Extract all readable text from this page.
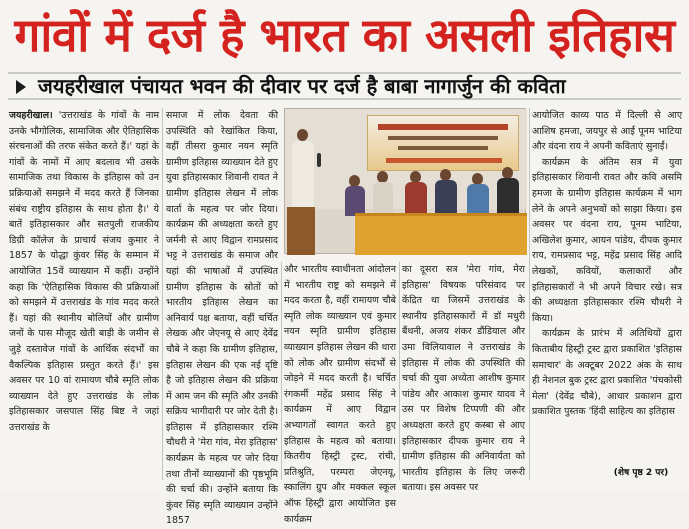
गांवों में दर्ज है भारत का असली इतिहास
जयहरीखाल पंचायत भवन की दीवार पर दर्ज है बाबा नागार्जुन की कविता

जयहरीखाल। 'उत्तराखंड के गांवों के नाम उनके भौगोलिक, सामाजिक और ऐतिहासिक संरचनाओं की तरफ संकेत करते हैं।' यहां के गांवों के नामों में आए बदलाव भी उसके सामाजिक तथा विकास के इतिहास को उन प्रक्रियाओं समझने में मदद करते हैं जिनका संबंध राष्ट्रीय इतिहास के साथ होता है।' ये बातें इतिहासकार और सतपुली राजकीय डिग्री कॉलेज के प्राचार्य संजय कुमार ने 1857 के योद्धा कुंवर सिंह के सम्मान में आयोजित 15वें व्याख्यान में कहीं। उन्होंने कहा कि 'ऐतिहासिक विकास की प्रक्रियाओं को समझने में उत्तराखंड के गांव मदद करते हैं। यहां की स्थानीय बोलियों और ग्रामीण जनों के पास मौजूद खेती बाड़ी के जमीन से जुड़े दस्तावेज गांवों के आर्थिक संदर्भों का वैकल्पिक इतिहास प्रस्तुत करते हैं।' इस अवसर पर 10 वां रामायण चौबे स्मृति लोक व्याख्यान देते हुए उत्तराखंड के लोक इतिहासकार जसपाल सिंह बिष्ट ने जहां उत्तराखंड के

समाज में लोक देवता की उपस्थिति को रेखांकित किया, वहीं तीसरा कुमार नयन स्मृति ग्रामीण इतिहास व्याख्यान देते हुए युवा इतिहासकार शिवानी रावत ने ग्रामीण इतिहास लेखन में लोक वार्ता के महत्व पर जोर दिया। कार्यक्रम की अध्यक्षता करते हुए जर्मनी से आए विद्वान रामप्रसाद भट्ट ने उत्तराखंड के समाज और यहां की भाषाओं में उपस्थित ग्रामीण इतिहास के स्रोतों को भारतीय इतिहास लेखन का अनिवार्य पक्ष बताया, वहीं चर्चित लेखक और जेएनयू से आए देवेंद्र चौबे ने कहा कि ग्रामीण इतिहास, इतिहास लेखन की एक नई दृष्टि है जो इतिहास लेखन की प्रक्रिया में आम जन की स्मृति और उनकी सक्रिय भागीदारी पर जोर देती है। इतिहास में इतिहासकार रश्मि चौधरी ने 'मेरा गांव, मेरा इतिहास' कार्यक्रम के महत्व पर जोर दिया तथा तीनों व्याख्यानों की पृष्ठभूमि की चर्चा की। उन्होंने बताया कि कुंवर सिंह स्मृति व्याख्यान उन्होंने 1857

और भारतीय स्वाधीनता आंदोलन में भारतीय राष्ट्र को समझने में मदद करता है, वहीं रामायण चौबे स्मृति लोक व्याख्यान एवं कुमार नयन स्मृति ग्रामीण इतिहास व्याख्यान इतिहास लेखन की धारा को लोक और ग्रामीण संदर्भों से जोड़ने में मदद करती है। चर्चित रंगकर्मी महेंद्र प्रसाद सिंह ने कार्यक्रम में आए विद्वान अभ्यागतों स्वागत करते हुए इतिहास के महत्व को बताया। कितरीय हिस्ट्री ट्रस्ट, रांची, प्रतिश्रुति, परम्परा जेएनयू, स्कालिंग ग्रुप और मक्कल स्कूल ऑफ हिस्ट्री द्वारा आयोजित इस कार्यक्रम

का दूसरा सत्र 'मेरा गांव, मेरा इतिहास' विषयक परिसंवाद पर केंद्रित था जिसमें उत्तराखंड के स्थानीय इतिहासकारों में डॉ मधुरी बैंथनी, अजय शंकर डौंडियाल और उमा विलियावाल ने उत्तराखंड के इतिहास में लोक की उपस्थिति की चर्चा की युवा अध्येता आशीष कुमार पांडेय और आकाश कुमार यादव ने उस पर विशेष टिप्पणी की और अध्यक्षता करते हुए कस्बा से आए इतिहासकार दीपक कुमार राय ने ग्रामीण इतिहास की अनिवार्यता को भारतीय इतिहास के लिए जरूरी बताया। इस अवसर पर

आयोजित काव्य पाठ में दिल्ली से आए आशिष हमजा, जयपुर से आईं पूनम भाटिया और वंदना राय ने अपनी कविताएं सुनाईं।

कार्यक्रम के अंतिम सत्र में युवा इतिहासकार शिवानी रावत और कवि असमि हमजा के ग्रामीण इतिहास कार्यक्रम में भाग लेने के अपने अनुभवों को साझा किया। इस अवसर पर वंदना राय, पूनम भाटिया, अखिलेश कुमार, आयन पांडेय, दीपक कुमार राय, रामप्रसाद भट्ट, महेंद्र प्रसाद सिंह आदि लेखकों, कवियों, कलाकारों और इतिहासकारों ने भी अपने विचार रखे। सत्र की अध्यक्षता इतिहासकार रश्मि चौधरी ने किया।

कार्यक्रम के प्रारंभ में अतिथियों द्वारा किताबीय हिस्ट्री ट्रस्ट द्वारा प्रकाशित 'इतिहास समाचार' के अक्टूबर 2022 अंक के साथ ही नेशनल बुक ट्रस्ट द्वारा प्रकाशित 'पंचकोसी मेला' (देवेंद्र चौबे), आधार प्रकाशन द्वारा प्रकाशित पुस्तक 'हिंदी साहित्य का इतिहास

(शेष पृष्ठ 2 पर)
